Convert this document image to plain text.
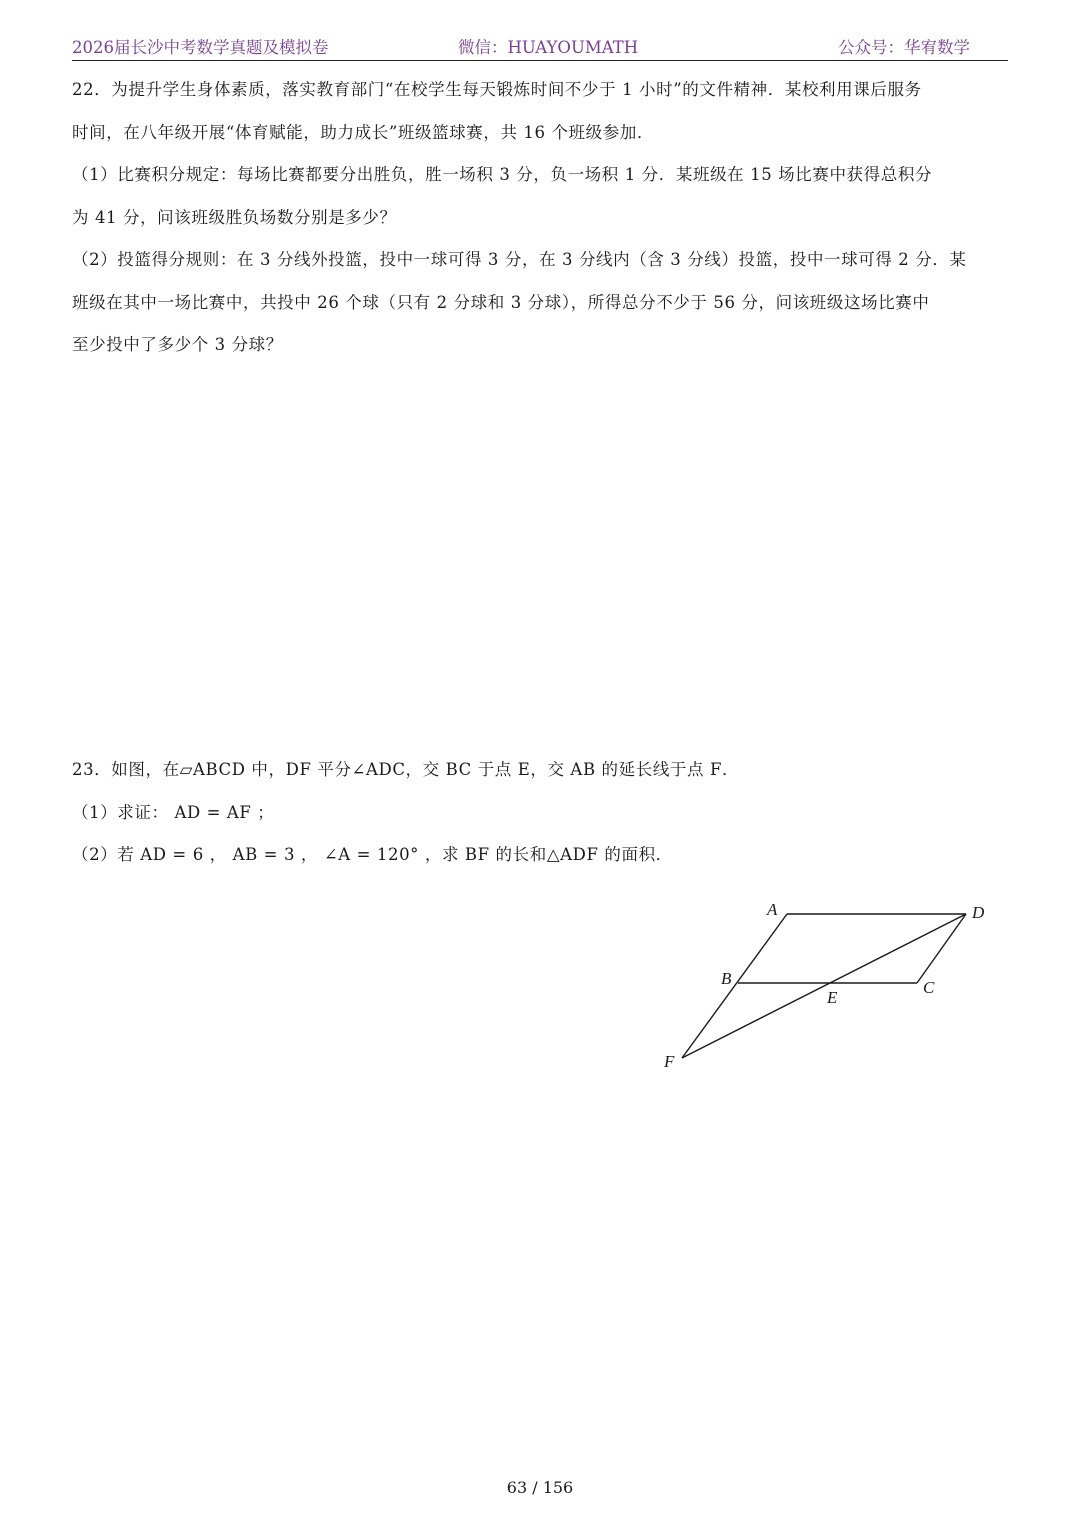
2026届长沙中考数学真题及模拟卷	微信：HUAYOUMATH	公众号：华宥数学
22．为提升学生身体素质，落实教育部门“在校学生每天锻炼时间不少于 1 小时”的文件精神．某校利用课后服务
时间，在八年级开展“体育赋能，助力成长”班级篮球赛，共 16 个班级参加．
（1）比赛积分规定：每场比赛都要分出胜负，胜一场积 3 分，负一场积 1 分．某班级在 15 场比赛中获得总积分
为 41 分，问该班级胜负场数分别是多少？
（2）投篮得分规则：在 3 分线外投篮，投中一球可得 3 分，在 3 分线内（含 3 分线）投篮，投中一球可得 2 分．某
班级在其中一场比赛中，共投中 26 个球（只有 2 分球和 3 分球），所得总分不少于 56 分，问该班级这场比赛中
至少投中了多少个 3 分球？
23．如图，在▱ABCD 中，DF 平分∠ADC，交 BC 于点 E，交 AB 的延长线于点 F．
（1）求证： AD = AF ；
（2）若 AD = 6 ， AB = 3 ， ∠A = 120° ，求 BF 的长和△ADF 的面积．
A	D
B	C
E
F
63 / 156
